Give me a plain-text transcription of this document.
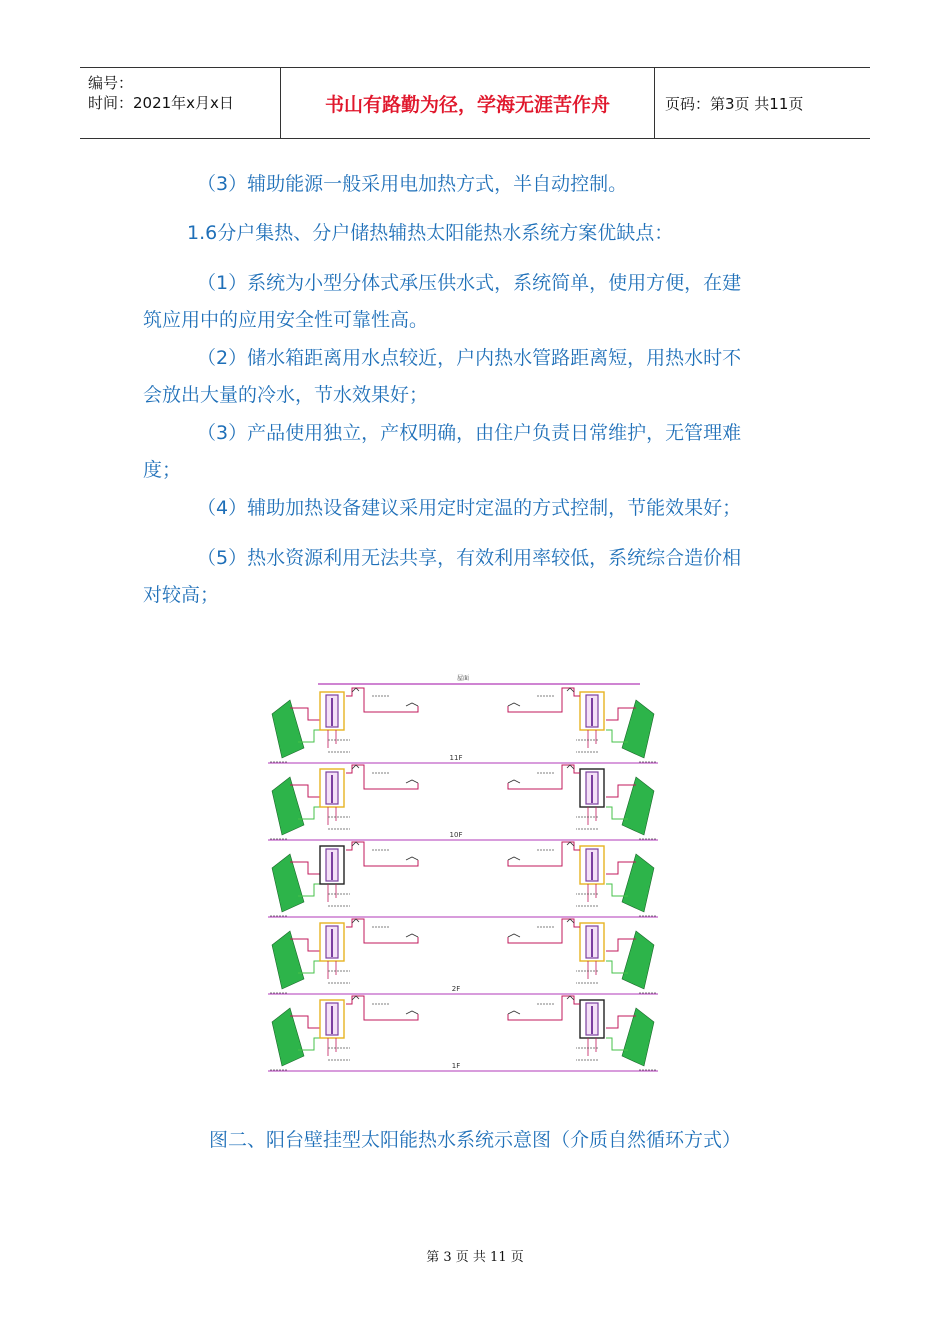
编号：
时间：2021年x月x日	书山有路勤为径，学海无涯苦作舟	页码：第3页 共11页

（3）辅助能源一般采用电加热方式，半自动控制。

1.6分户集热、分户储热辅热太阳能热水系统方案优缺点：

（1）系统为小型分体式承压供水式，系统简单，使用方便，在建

筑应用中的应用安全性可靠性高。

（2）储水箱距离用水点较近，户内热水管路距离短，用热水时不

会放出大量的冷水，节水效果好；

（3）产品使用独立，产权明确，由住户负责日常维护，无管理难

度；

（4）辅助加热设备建议采用定时定温的方式控制，节能效果好；

（5）热水资源利用无法共享，有效利用率较低，系统综合造价相

对较高；

屋面
11F
10F
2F
1F
图二、阳台壁挂型太阳能热水系统示意图（介质自然循环方式）
第 3 页 共 11 页
